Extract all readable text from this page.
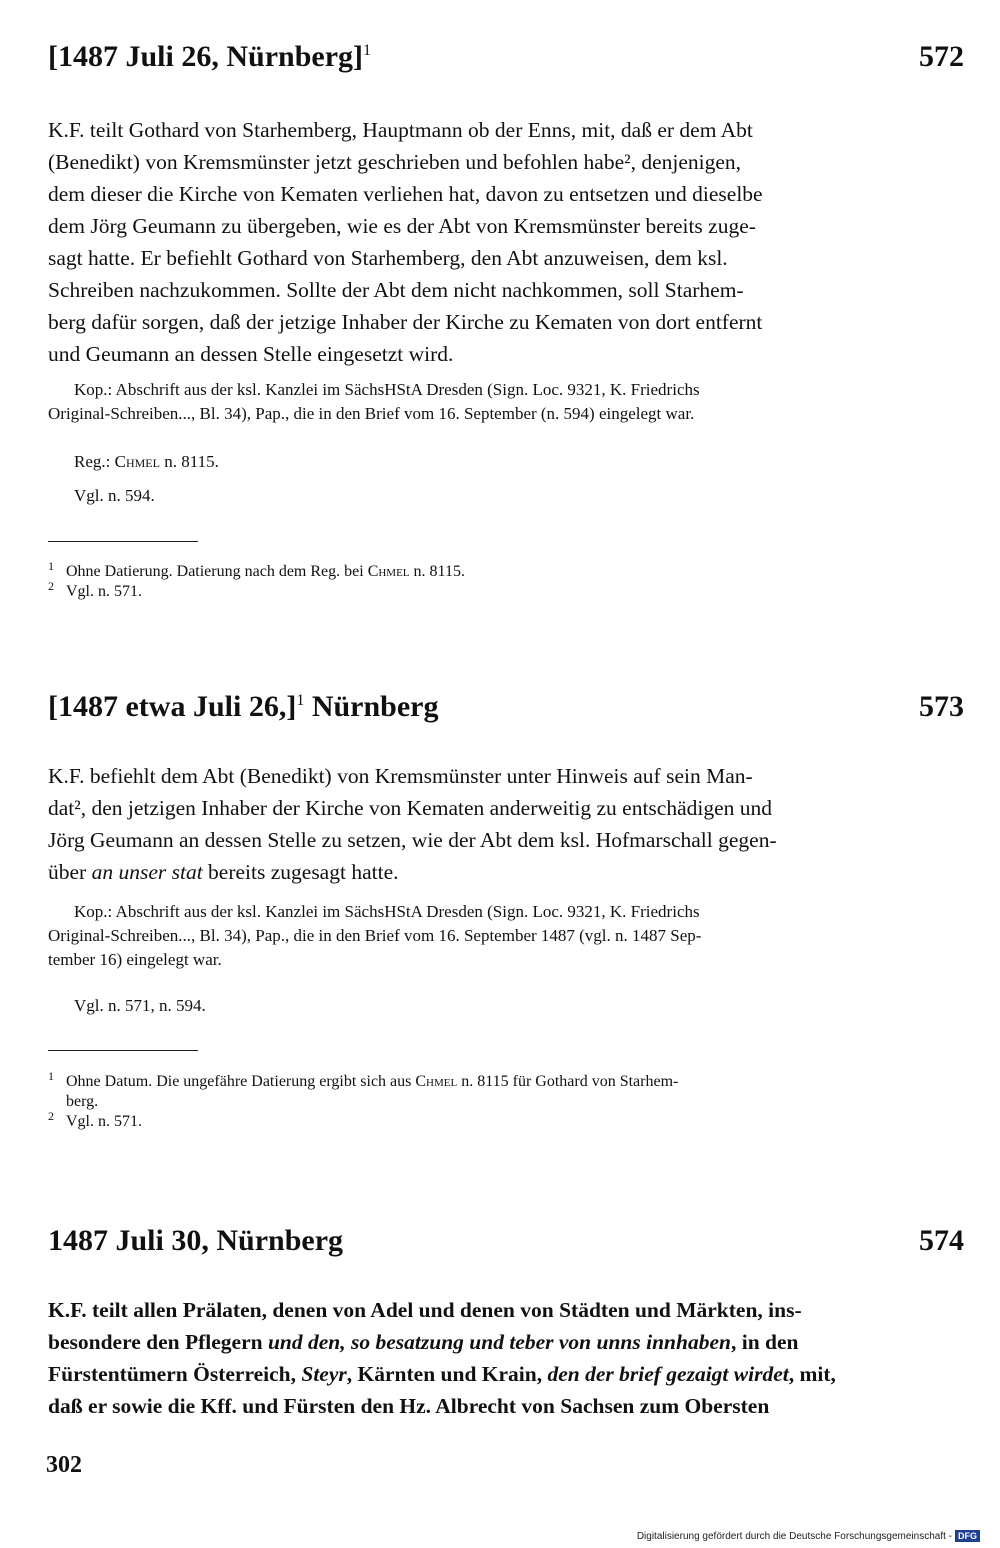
[1487 Juli 26, Nürnberg]$^1$	572
K.F. teilt Gothard von Starhemberg, Hauptmann ob der Enns, mit, daß er dem Abt
(Benedikt) von Kremsmünster jetzt geschrieben und befohlen habe², denjenigen,
dem dieser die Kirche von Kematen verliehen hat, davon zu entsetzen und dieselbe
dem Jörg Geumann zu übergeben, wie es der Abt von Kremsmünster bereits zuge-
sagt hatte. Er befiehlt Gothard von Starhemberg, den Abt anzuweisen, dem ksl.
Schreiben nachzukommen. Sollte der Abt dem nicht nachkommen, soll Starhem-
berg dafür sorgen, daß der jetzige Inhaber der Kirche zu Kematen von dort entfernt
und Geumann an dessen Stelle eingesetzt wird.
Kop.: Abschrift aus der ksl. Kanzlei im SächsHStA Dresden (Sign. Loc. 9321, K. Friedrichs
Original-Schreiben..., Bl. 34), Pap., die in den Brief vom 16. September (n. 594) eingelegt war.
Reg.: Chmel n. 8115.
Vgl. n. 594.
1 Ohne Datierung. Datierung nach dem Reg. bei Chmel n. 8115.
2 Vgl. n. 571.
[1487 etwa Juli 26,]$^1$ Nürnberg	573
K.F. befiehlt dem Abt (Benedikt) von Kremsmünster unter Hinweis auf sein Man-
dat², den jetzigen Inhaber der Kirche von Kematen anderweitig zu entschädigen und
Jörg Geumann an dessen Stelle zu setzen, wie der Abt dem ksl. Hofmarschall gegen-
über an unser stat bereits zugesagt hatte.
Kop.: Abschrift aus der ksl. Kanzlei im SächsHStA Dresden (Sign. Loc. 9321, K. Friedrichs
Original-Schreiben..., Bl. 34), Pap., die in den Brief vom 16. September 1487 (vgl. n. 1487 Sep-
tember 16) eingelegt war.
Vgl. n. 571, n. 594.
1 Ohne Datum. Die ungefähre Datierung ergibt sich aus Chmel n. 8115 für Gothard von Starhem-
berg.
2 Vgl. n. 571.
1487 Juli 30, Nürnberg	574
K.F. teilt allen Prälaten, denen von Adel und denen von Städten und Märkten, ins-
besondere den Pflegern und den, so besatzung und teber von unns innhaben, in den
Fürstentümern Österreich, Steyr, Kärnten und Krain, den der brief gezaigt wirdet, mit,
daß er sowie die Kff. und Fürsten den Hz. Albrecht von Sachsen zum Obersten
302
Digitalisierung gefördert durch die Deutsche Forschungsgemeinschaft - DFG
